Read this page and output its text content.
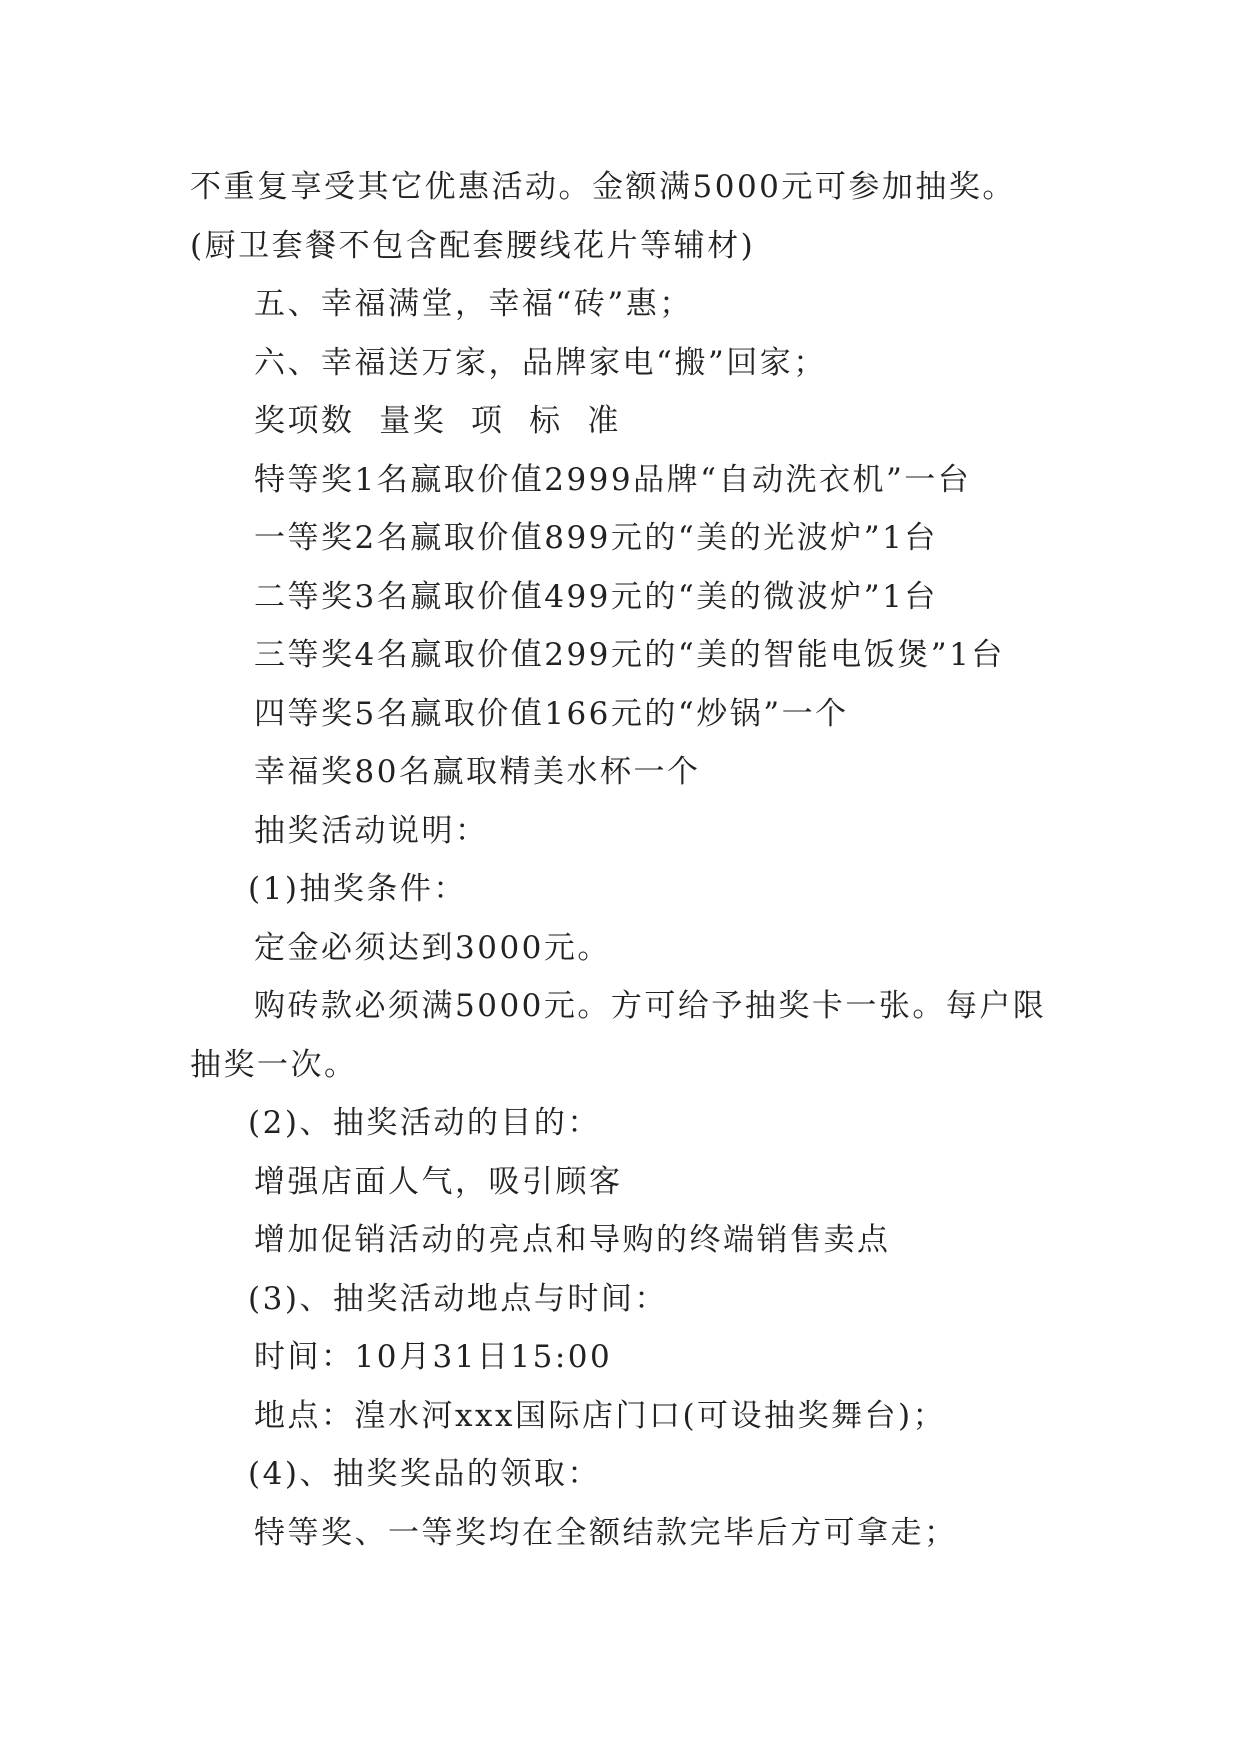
不重复享受其它优惠活动。金额满5000元可参加抽奖。(厨卫套餐不包含配套腰线花片等辅材)

五、幸福满堂，幸福“砖”惠；

六、幸福送万家，品牌家电“搬”回家；

奖项数  量奖  项  标  准

特等奖1名赢取价值2999品牌“自动洗衣机”一台

一等奖2名赢取价值899元的“美的光波炉”1台

二等奖3名赢取价值499元的“美的微波炉”1台

三等奖4名赢取价值299元的“美的智能电饭煲”1台

四等奖5名赢取价值166元的“炒锅”一个

幸福奖80名赢取精美水杯一个

抽奖活动说明：

(1)抽奖条件：

定金必须达到3000元。

购砖款必须满5000元。方可给予抽奖卡一张。每户限抽奖一次。

(2)、抽奖活动的目的：

增强店面人气，吸引顾客

增加促销活动的亮点和导购的终端销售卖点

(3)、抽奖活动地点与时间：

时间：10月31日15:00

地点：湟水河xxx国际店门口(可设抽奖舞台)；

(4)、抽奖奖品的领取：

特等奖、一等奖均在全额结款完毕后方可拿走；
